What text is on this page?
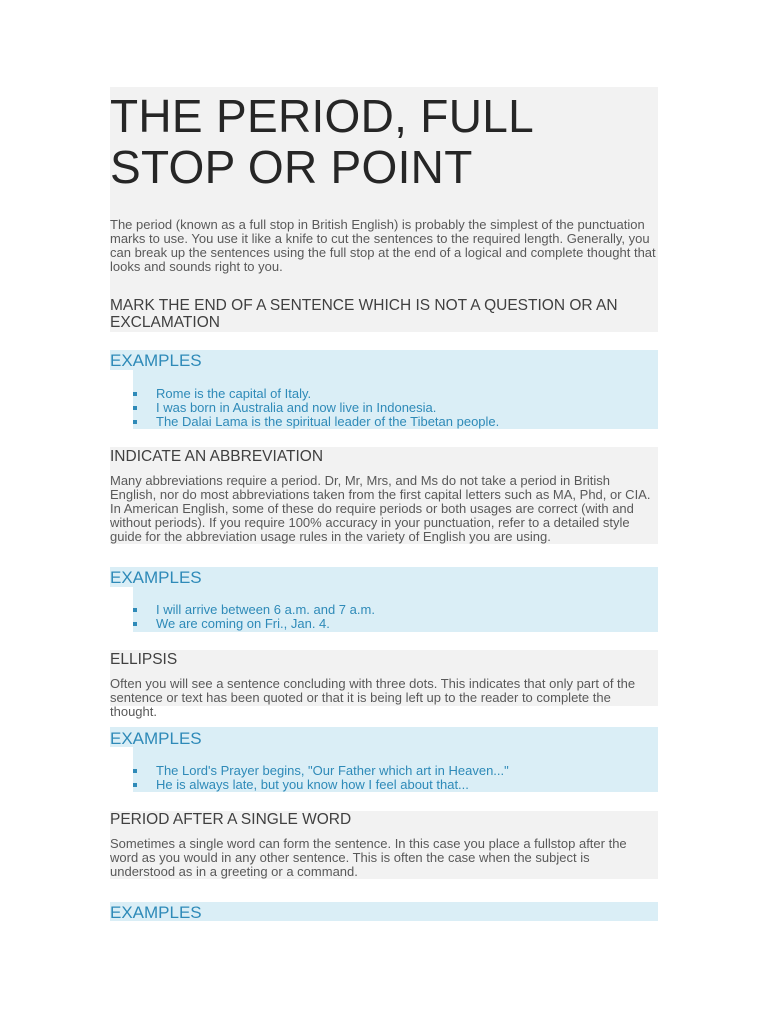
THE PERIOD, FULL STOP OR POINT

The period (known as a full stop in British English) is probably the simplest of the punctuation marks to use. You use it like a knife to cut the sentences to the required length. Generally, you can break up the sentences using the full stop at the end of a logical and complete thought that looks and sounds right to you.

MARK THE END OF A SENTENCE WHICH IS NOT A QUESTION OR AN EXCLAMATION
EXAMPLES
Rome is the capital of Italy.
I was born in Australia and now live in Indonesia.
The Dalai Lama is the spiritual leader of the Tibetan people.
INDICATE AN ABBREVIATION

Many abbreviations require a period. Dr, Mr, Mrs, and Ms do not take a period in British English, nor do most abbreviations taken from the first capital letters such as MA, Phd, or CIA. In American English, some of these do require periods or both usages are correct (with and without periods). If you require 100% accuracy in your punctuation, refer to a detailed style guide for the abbreviation usage rules in the variety of English you are using.

EXAMPLES
I will arrive between 6 a.m. and 7 a.m.
We are coming on Fri., Jan. 4.
ELLIPSIS

Often you will see a sentence concluding with three dots. This indicates that only part of the sentence or text has been quoted or that it is being left up to the reader to complete the thought.

EXAMPLES
The Lord's Prayer begins, "Our Father which art in Heaven..."
He is always late, but you know how I feel about that...
PERIOD AFTER A SINGLE WORD

Sometimes a single word can form the sentence. In this case you place a fullstop after the word as you would in any other sentence. This is often the case when the subject is understood as in a greeting or a command.

EXAMPLES
